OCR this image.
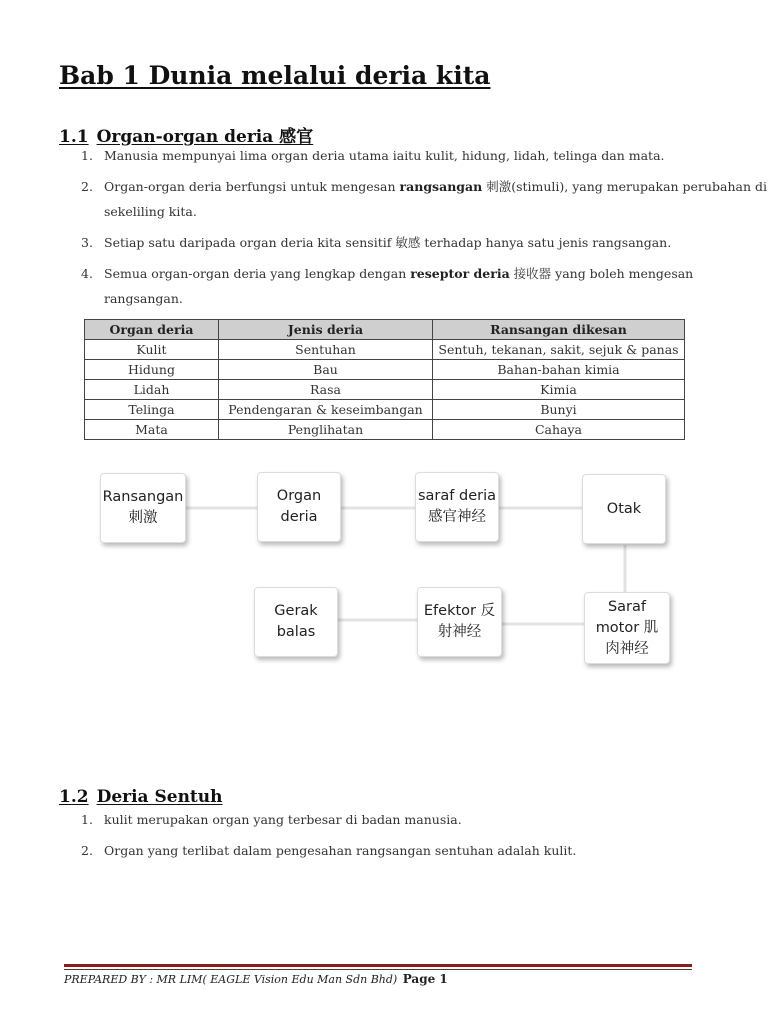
Bab 1 Dunia melalui deria kita
1.1 Organ-organ deria 感官
1. Manusia mempunyai lima organ deria utama iaitu kulit, hidung, lidah, telinga dan mata.
2. Organ-organ deria berfungsi untuk mengesan rangsangan 刺激(stimuli), yang merupakan perubahan di sekeliling kita.
3. Setiap satu daripada organ deria kita sensitif 敏感 terhadap hanya satu jenis rangsangan.
4. Semua organ-organ deria yang lengkap dengan reseptor deria 接收器 yang boleh mengesan rangsangan.
Organ deria	Jenis deria	Ransangan dikesan
Kulit	Sentuhan	Sentuh, tekanan, sakit, sejuk & panas
Hidung	Bau	Bahan-bahan kimia
Lidah	Rasa	Kimia
Telinga	Pendengaran & keseimbangan	Bunyi
Mata	Penglihatan	Cahaya
Ransangan
刺激
Organ
deria
saraf deria
感官神经
Otak
Saraf
motor 肌
肉神经
Efektor 反
射神经
Gerak
balas
1.2 Deria Sentuh
1. kulit merupakan organ yang terbesar di badan manusia.
2. Organ yang terlibat dalam pengesahan rangsangan sentuhan adalah kulit.
PREPARED BY : MR LIM( EAGLE Vision Edu Man Sdn Bhd) Page 1
